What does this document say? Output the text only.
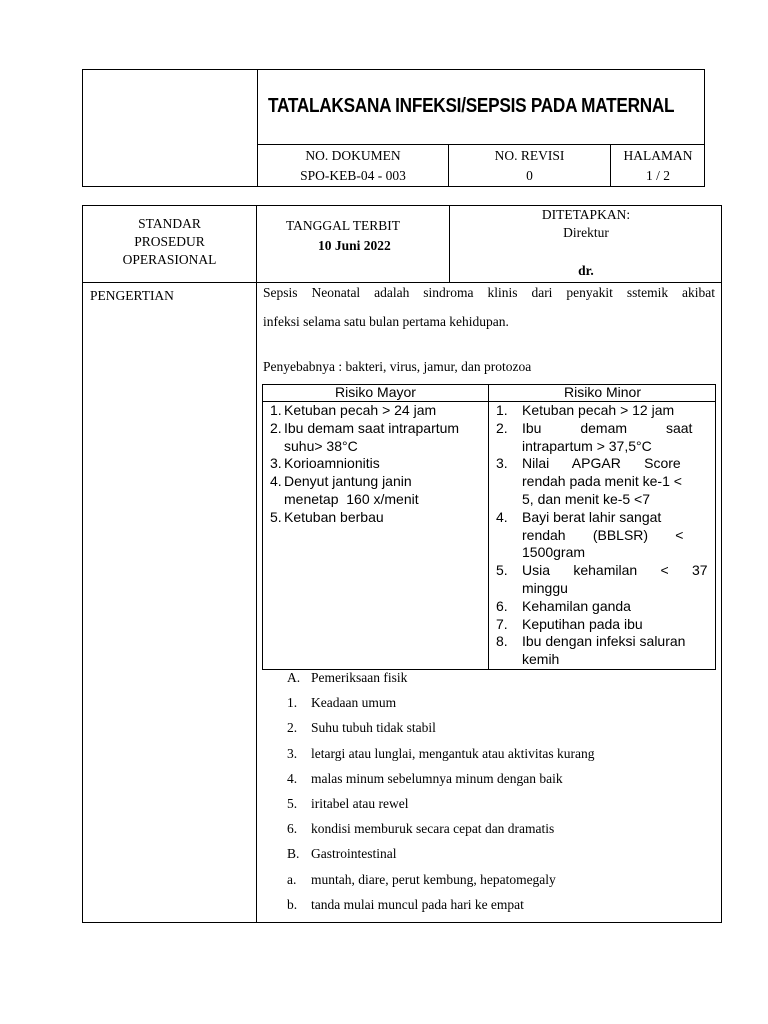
TATALAKSANA INFEKSI/SEPSIS PADA MATERNAL
NO. DOKUMEN
SPO-KEB-04 - 003
NO. REVISI
0
HALAMAN
1 / 2
STANDAR
PROSEDUR
OPERASIONAL
TANGGAL TERBIT
10 Juni 2022
DITETAPKAN:
Direktur
dr.
PENGERTIAN	Sepsis Neonatal adalah sindroma klinis dari penyakit sstemik akibat
infeksi selama satu bulan pertama kehidupan.
Penyebabnya : bakteri, virus, jamur, dan protozoa
Risiko Mayor	Risiko Minor
1. Ketuban pecah > 24 jam
2. Ibu demam saat intrapartum
suhu> 38°C
3. Korioamnionitis
4. Denyut jantung janin
menetap  160 x/menit
5. Ketuban berbau
1. Ketuban pecah > 12 jam
2. Ibu          demam          saat
intrapartum > 37,5°C
3. Nilai      APGAR      Score
rendah pada menit ke-1 <
5, dan menit ke-5 <7
4. Bayi berat lahir sangat
rendah       (BBLSR)       <
1500gram
5. Usia      kehamilan      <      37
minggu
6. Kehamilan ganda
7. Keputihan pada ibu
8. Ibu dengan infeksi saluran
kemih
A. Pemeriksaan fisik
1. Keadaan umum
2. Suhu tubuh tidak stabil
3. letargi atau lunglai, mengantuk atau aktivitas kurang
4. malas minum sebelumnya minum dengan baik
5. iritabel atau rewel
6. kondisi memburuk secara cepat dan dramatis
B. Gastrointestinal
a. muntah, diare, perut kembung, hepatomegaly
b. tanda mulai muncul pada hari ke empat
